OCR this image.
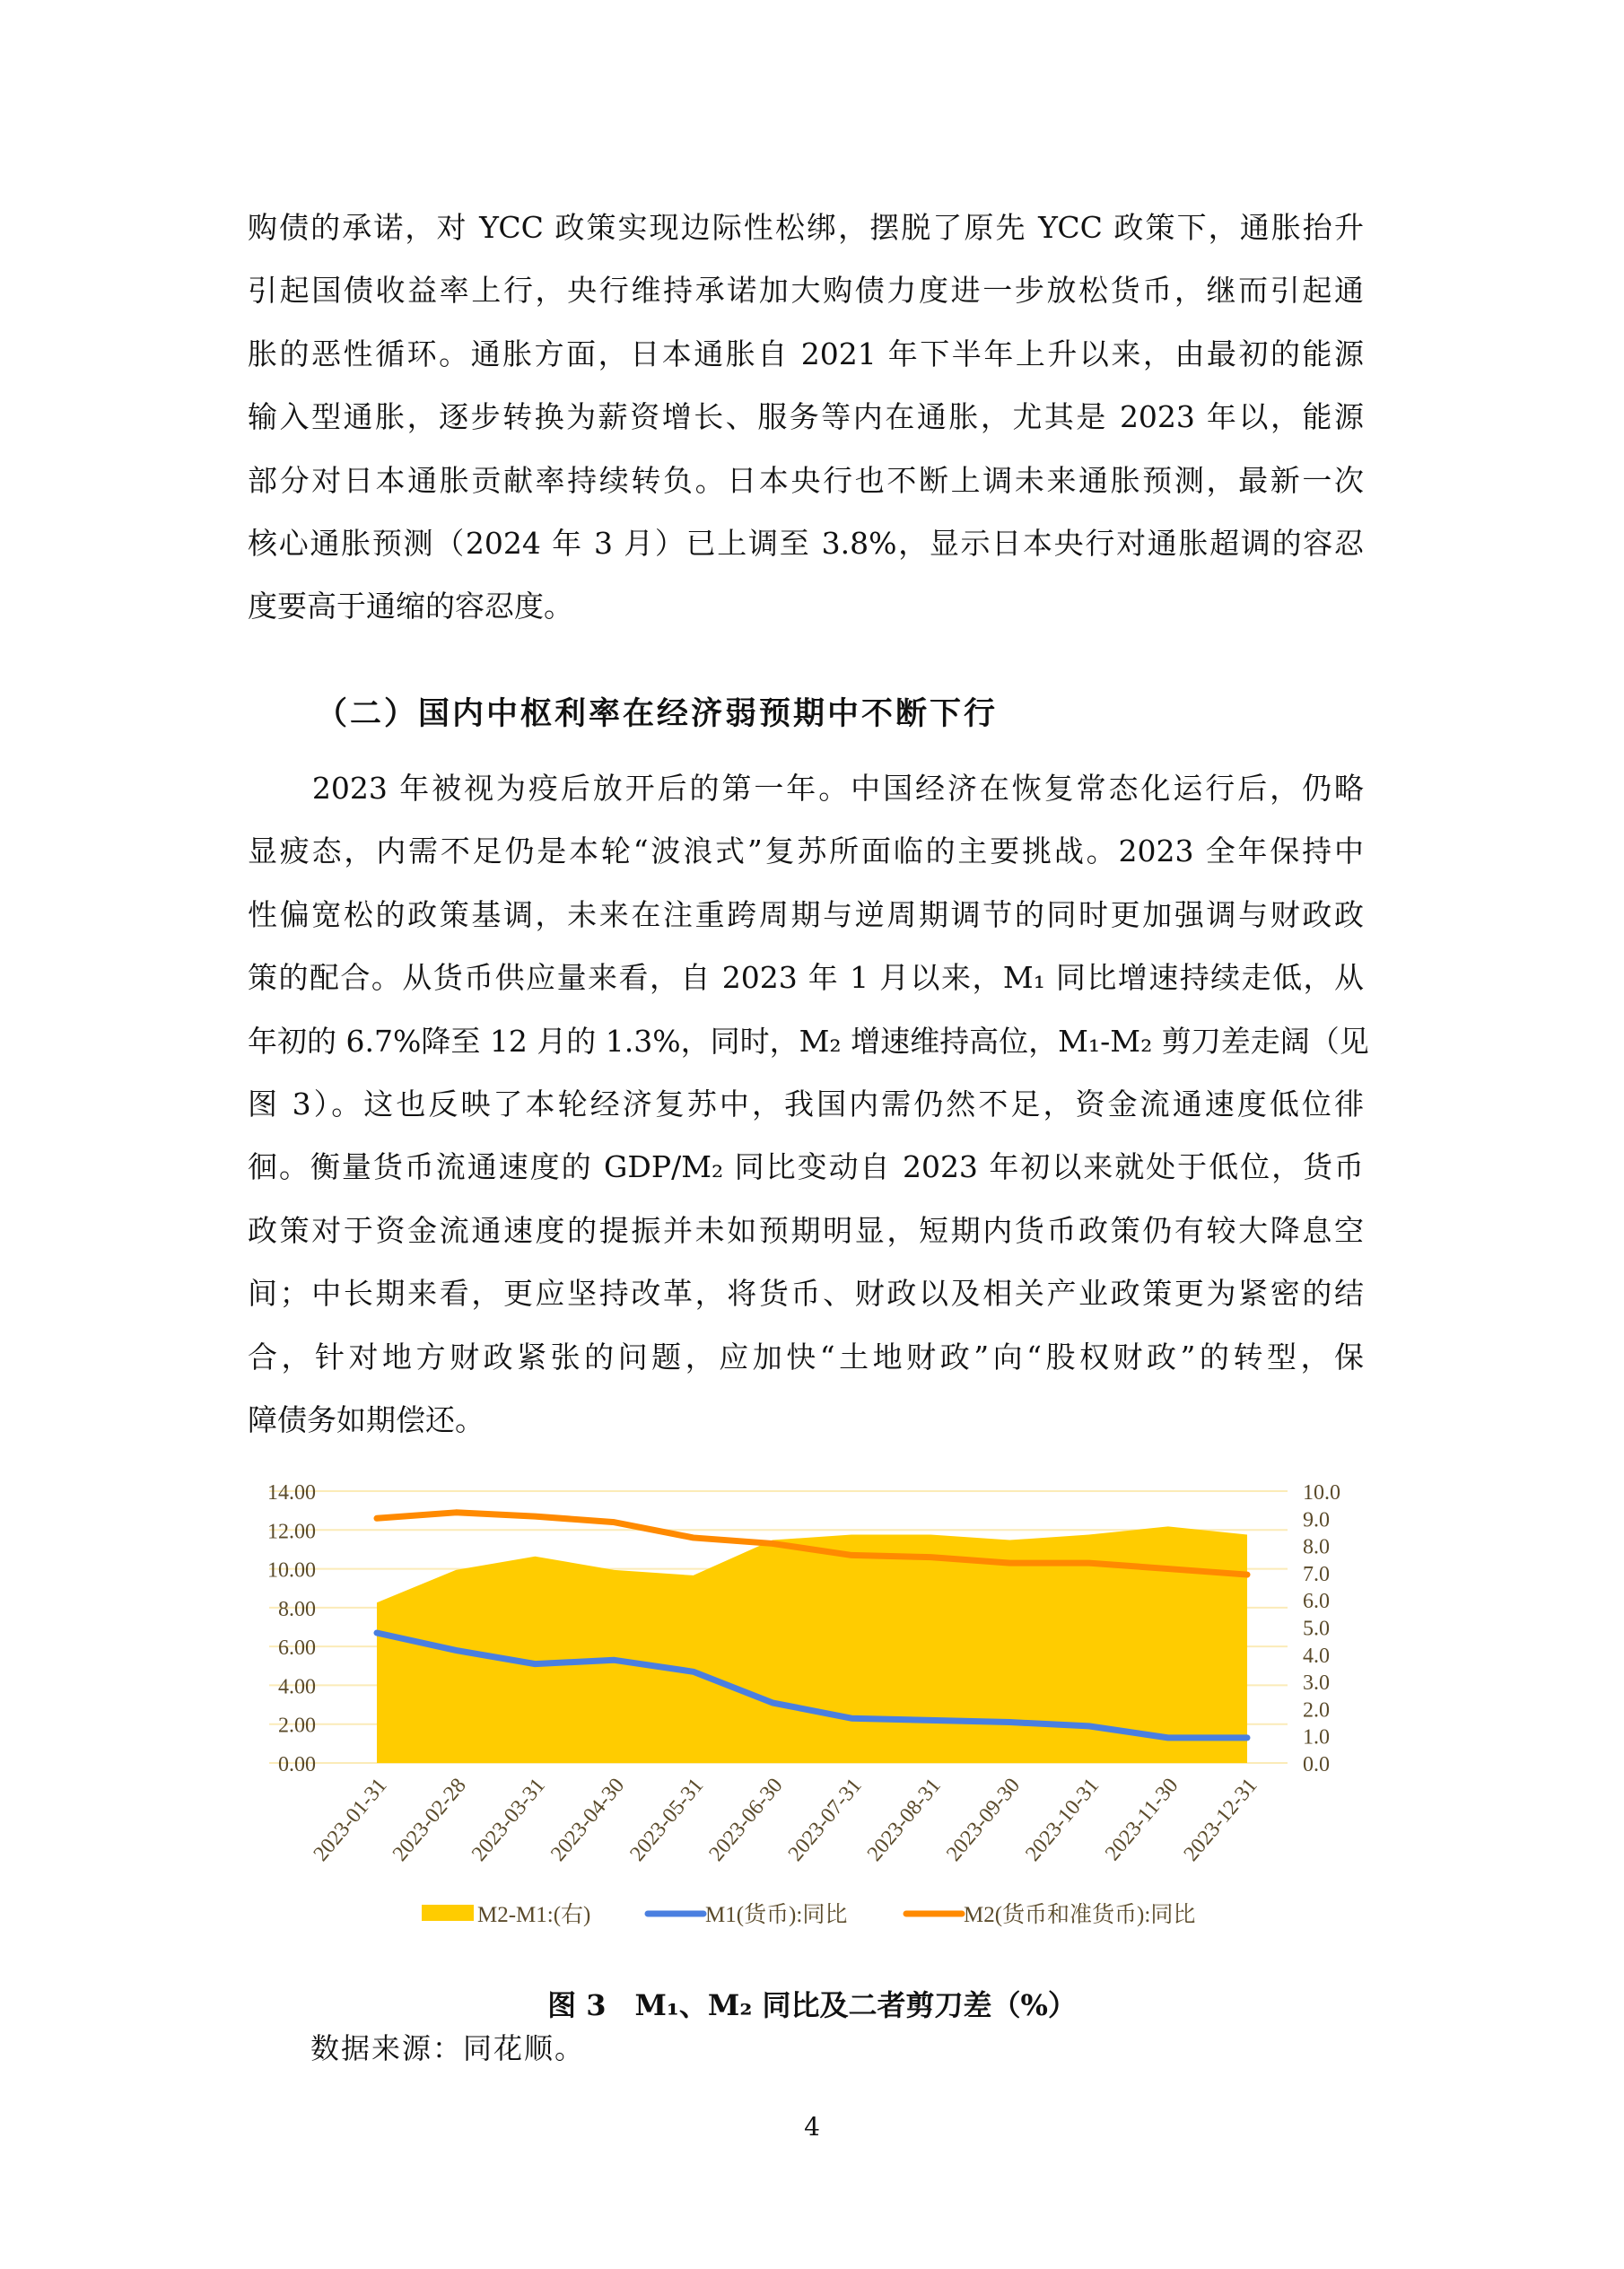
购债的承诺，对 YCC 政策实现边际性松绑，摆脱了原先 YCC 政策下，通胀抬升
引起国债收益率上行，央行维持承诺加大购债力度进一步放松货币，继而引起通
胀的恶性循环。通胀方面，日本通胀自 2021 年下半年上升以来，由最初的能源
输入型通胀，逐步转换为薪资增长、服务等内在通胀，尤其是 2023 年以，能源
部分对日本通胀贡献率持续转负。日本央行也不断上调未来通胀预测，最新一次
核心通胀预测（2024 年 3 月）已上调至 3.8%，显示日本央行对通胀超调的容忍
度要高于通缩的容忍度。
（二）国内中枢利率在经济弱预期中不断下行
　　2023 年被视为疫后放开后的第一年。中国经济在恢复常态化运行后，仍略
显疲态，内需不足仍是本轮“波浪式”复苏所面临的主要挑战。2023 全年保持中
性偏宽松的政策基调，未来在注重跨周期与逆周期调节的同时更加强调与财政政
策的配合。从货币供应量来看，自 2023 年 1 月以来，M₁ 同比增速持续走低，从
年初的 6.7%降至 12 月的 1.3%，同时，M₂ 增速维持高位，M₁-M₂ 剪刀差走阔（见
图 3）。这也反映了本轮经济复苏中，我国内需仍然不足，资金流通速度低位徘
徊。衡量货币流通速度的 GDP/M₂ 同比变动自 2023 年初以来就处于低位，货币
政策对于资金流通速度的提振并未如预期明显，短期内货币政策仍有较大降息空
间；中长期来看，更应坚持改革，将货币、财政以及相关产业政策更为紧密的结
合，针对地方财政紧张的问题，应加快“土地财政”向“股权财政”的转型，保
障债务如期偿还。
0.00
2.00
4.00
6.00
8.00
10.00
12.00
14.00
0.0
1.0
2.0
3.0
4.0
5.0
6.0
7.0
8.0
9.0
10.0
2023-01-31
2023-02-28
2023-03-31
2023-04-30
2023-05-31
2023-06-30
2023-07-31
2023-08-31
2023-09-30
2023-10-31
2023-11-30
2023-12-31
M2-M1:(右)	M1(货币):同比	M2(货币和准货币):同比
图 3　M₁、M₂ 同比及二者剪刀差（%）
数据来源：同花顺。
4
